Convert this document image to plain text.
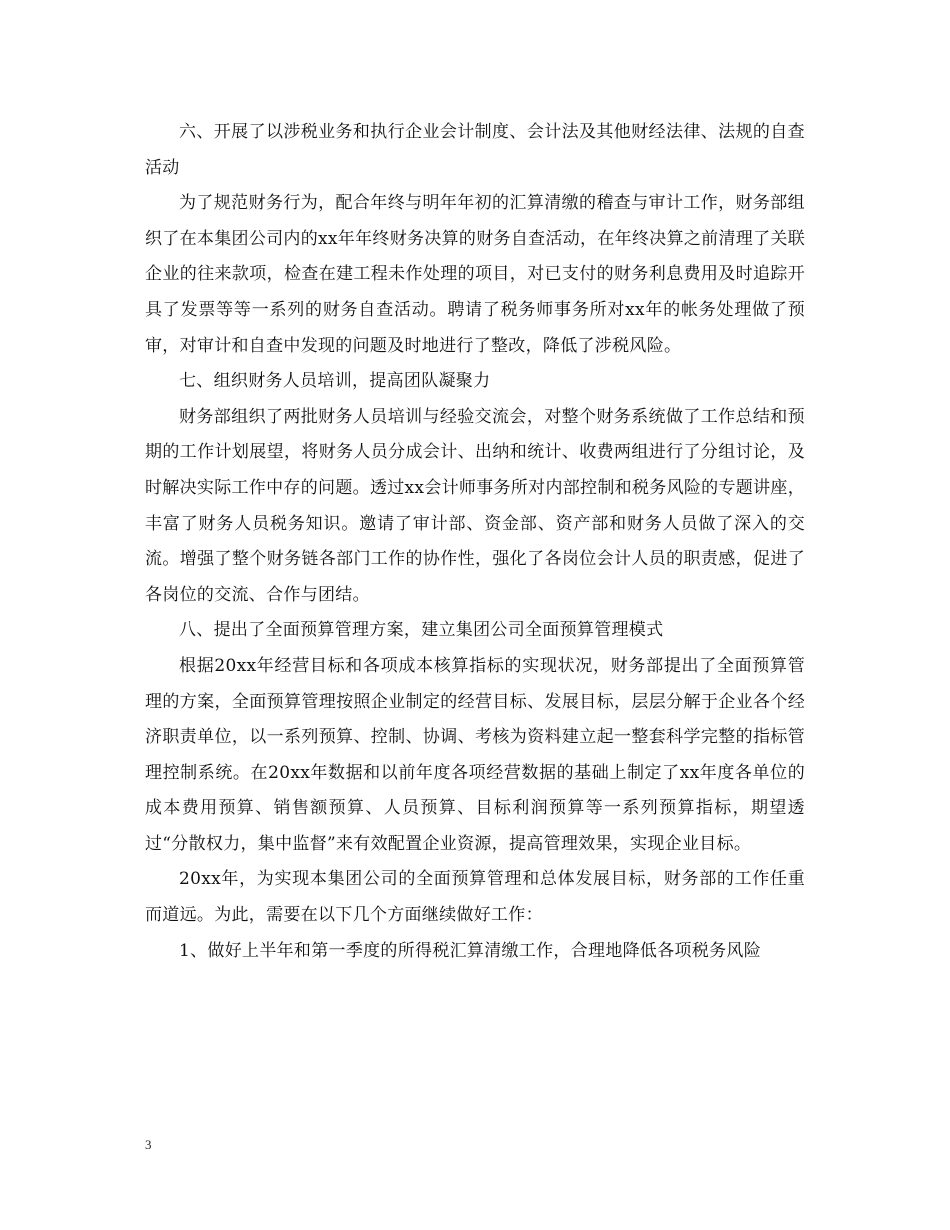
六、开展了以涉税业务和执行企业会计制度、会计法及其他财经法律、法规的自查活动

为了规范财务行为，配合年终与明年年初的汇算清缴的稽查与审计工作，财务部组织了在本集团公司内的xx年年终财务决算的财务自查活动，在年终决算之前清理了关联企业的往来款项，检查在建工程未作处理的项目，对已支付的财务利息费用及时追踪开具了发票等等一系列的财务自查活动。聘请了税务师事务所对xx年的帐务处理做了预审，对审计和自查中发现的问题及时地进行了整改，降低了涉税风险。

七、组织财务人员培训，提高团队凝聚力

财务部组织了两批财务人员培训与经验交流会，对整个财务系统做了工作总结和预期的工作计划展望，将财务人员分成会计、出纳和统计、收费两组进行了分组讨论，及时解决实际工作中存的问题。透过xx会计师事务所对内部控制和税务风险的专题讲座，丰富了财务人员税务知识。邀请了审计部、资金部、资产部和财务人员做了深入的交流。增强了整个财务链各部门工作的协作性，强化了各岗位会计人员的职责感，促进了各岗位的交流、合作与团结。

八、提出了全面预算管理方案，建立集团公司全面预算管理模式

根据20xx年经营目标和各项成本核算指标的实现状况，财务部提出了全面预算管理的方案，全面预算管理按照企业制定的经营目标、发展目标，层层分解于企业各个经济职责单位，以一系列预算、控制、协调、考核为资料建立起一整套科学完整的指标管理控制系统。在20xx年数据和以前年度各项经营数据的基础上制定了xx年度各单位的成本费用预算、销售额预算、人员预算、目标利润预算等一系列预算指标，期望透过“分散权力，集中监督”来有效配置企业资源，提高管理效果，实现企业目标。

20xx年，为实现本集团公司的全面预算管理和总体发展目标，财务部的工作任重而道远。为此，需要在以下几个方面继续做好工作：

1、做好上半年和第一季度的所得税汇算清缴工作，合理地降低各项税务风险

3
